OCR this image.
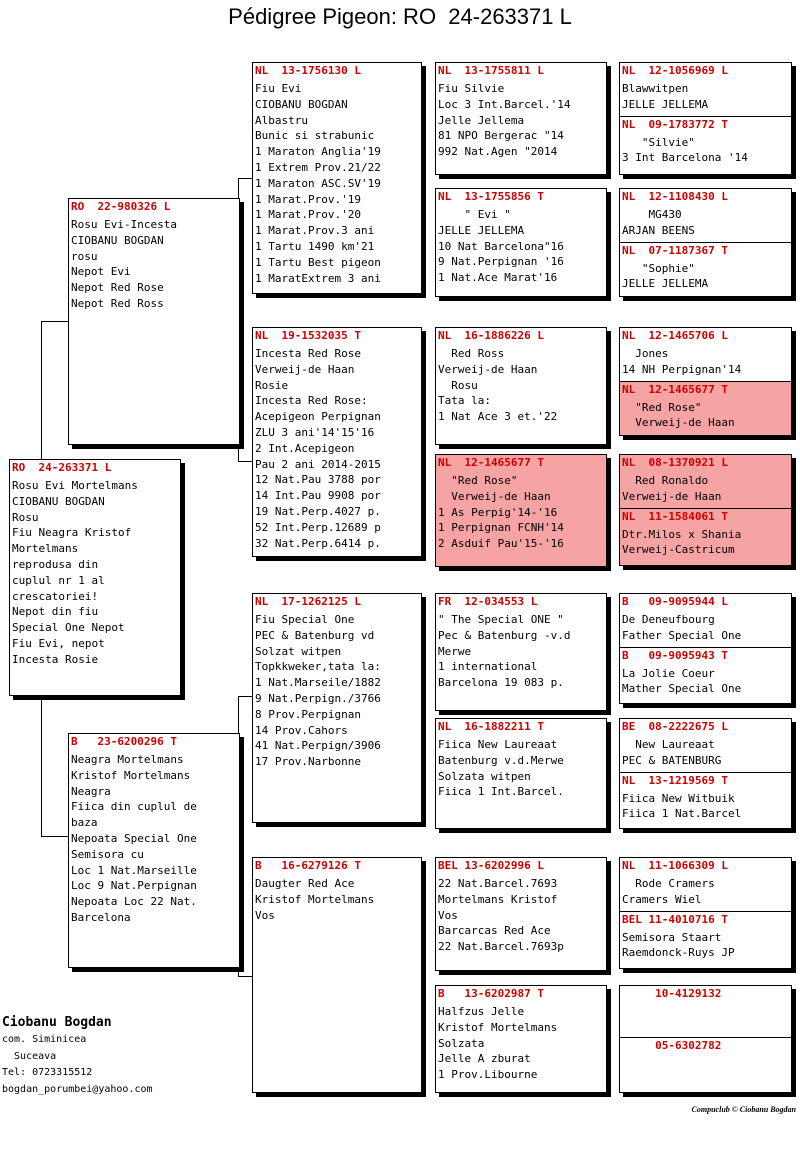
Pédigree Pigeon: RO  24-263371 L
RO  24-263371 L
Rosu Evi Mortelmans
CIOBANU BOGDAN
Rosu
Fiu Neagra Kristof
Mortelmans
reprodusa din
cuplul nr 1 al
crescatoriei!
Nepot din fiu
Special One Nepot
Fiu Evi, nepot
Incesta Rosie
RO  22-980326 L
Rosu Evi-Incesta
CIOBANU BOGDAN
rosu
Nepot Evi
Nepot Red Rose
Nepot Red Ross
B   23-6200296 T
Neagra Mortelmans
Kristof Mortelmans
Neagra
Fiica din cuplul de
baza
Nepoata Special One
Semisora cu
Loc 1 Nat.Marseille
Loc 9 Nat.Perpignan
Nepoata Loc 22 Nat.
Barcelona
NL  13-1756130 L
Fiu Evi
CIOBANU BOGDAN
Albastru
Bunic si strabunic
1 Maraton Anglia'19
1 Extrem Prov.21/22
1 Maraton ASC.SV'19
1 Marat.Prov.'19
1 Marat.Prov.'20
1 Marat.Prov.3 ani
1 Tartu 1490 km'21
1 Tartu Best pigeon
1 MaratExtrem 3 ani
NL  19-1532035 T
Incesta Red Rose
Verweij-de Haan
Rosie
Incesta Red Rose:
Acepigeon Perpignan
ZLU 3 ani'14'15'16
2 Int.Acepigeon
Pau 2 ani 2014-2015
12 Nat.Pau 3788 por
14 Int.Pau 9908 por
19 Nat.Perp.4027 p.
52 Int.Perp.12689 p
32 Nat.Perp.6414 p.
NL  17-1262125 L
Fiu Special One
PEC & Batenburg vd
Solzat witpen
Topkkweker,tata la:
1 Nat.Marseile/1882
9 Nat.Perpign./3766
8 Prov.Perpignan
14 Prov.Cahors
41 Nat.Perpign/3906
17 Prov.Narbonne
B   16-6279126 T
Daugter Red Ace
Kristof Mortelmans
Vos
NL  13-1755811 L
Fiu Silvie
Loc 3 Int.Barcel.'14
Jelle Jellema
81 NPO Bergerac "14
992 Nat.Agen "2014
NL  13-1755856 T
" Evi "
JELLE JELLEMA
10 Nat Barcelona"16
9 Nat.Perpignan '16
1 Nat.Ace Marat'16
NL  16-1886226 L
Red Ross
Verweij-de Haan
Rosu
Tata la:
1 Nat Ace 3 et.'22
NL  12-1465677 T
"Red Rose"
Verweij-de Haan
1 As Perpig'14-'16
1 Perpignan FCNH'14
2 Asduif Pau'15-'16
FR  12-034553 L
" The Special ONE "
Pec & Batenburg -v.d
Merwe
1 international
Barcelona 19 083 p.
NL  16-1882211 T
Fiica New Laureaat
Batenburg v.d.Merwe
Solzata witpen
Fiica 1 Int.Barcel.
BEL 13-6202996 L
22 Nat.Barcel.7693
Mortelmans Kristof
Vos
Barcarcas Red Ace
22 Nat.Barcel.7693p
B   13-6202987 T
Halfzus Jelle
Kristof Mortelmans
Solzata
Jelle A zburat
1 Prov.Libourne
NL  12-1056969 L
Blawwitpen
JELLE JELLEMA
NL  09-1783772 T
"Silvie"
3 Int Barcelona '14
NL  12-1108430 L
MG430
ARJAN BEENS
NL  07-1187367 T
"Sophie"
JELLE JELLEMA
NL  12-1465706 L
Jones
14 NH Perpignan'14
NL  12-1465677 T
"Red Rose"
Verweij-de Haan
NL  08-1370921 L
Red Ronaldo
Verweij-de Haan
NL  11-1584061 T
Dtr.Milos x Shania
Verweij-Castricum
B   09-9095944 L
De Deneufbourg
Father Special One
B   09-9095943 T
La Jolie Coeur
Mather Special One
BE  08-2222675 L
New Laureaat
PEC & BATENBURG
NL  13-1219569 T
Fiica New Witbuik
Fiica 1 Nat.Barcel
NL  11-1066309 L
Rode Cramers
Cramers Wiel
BEL 11-4010716 T
Semisora Staart
Raemdonck-Ruys JP
10-4129132
05-6302782
Ciobanu Bogdan
com. Siminicea
Suceava
Tel: 0723315512
bogdan_porumbei@yahoo.com
Compuclub © Ciobanu Bogdan
